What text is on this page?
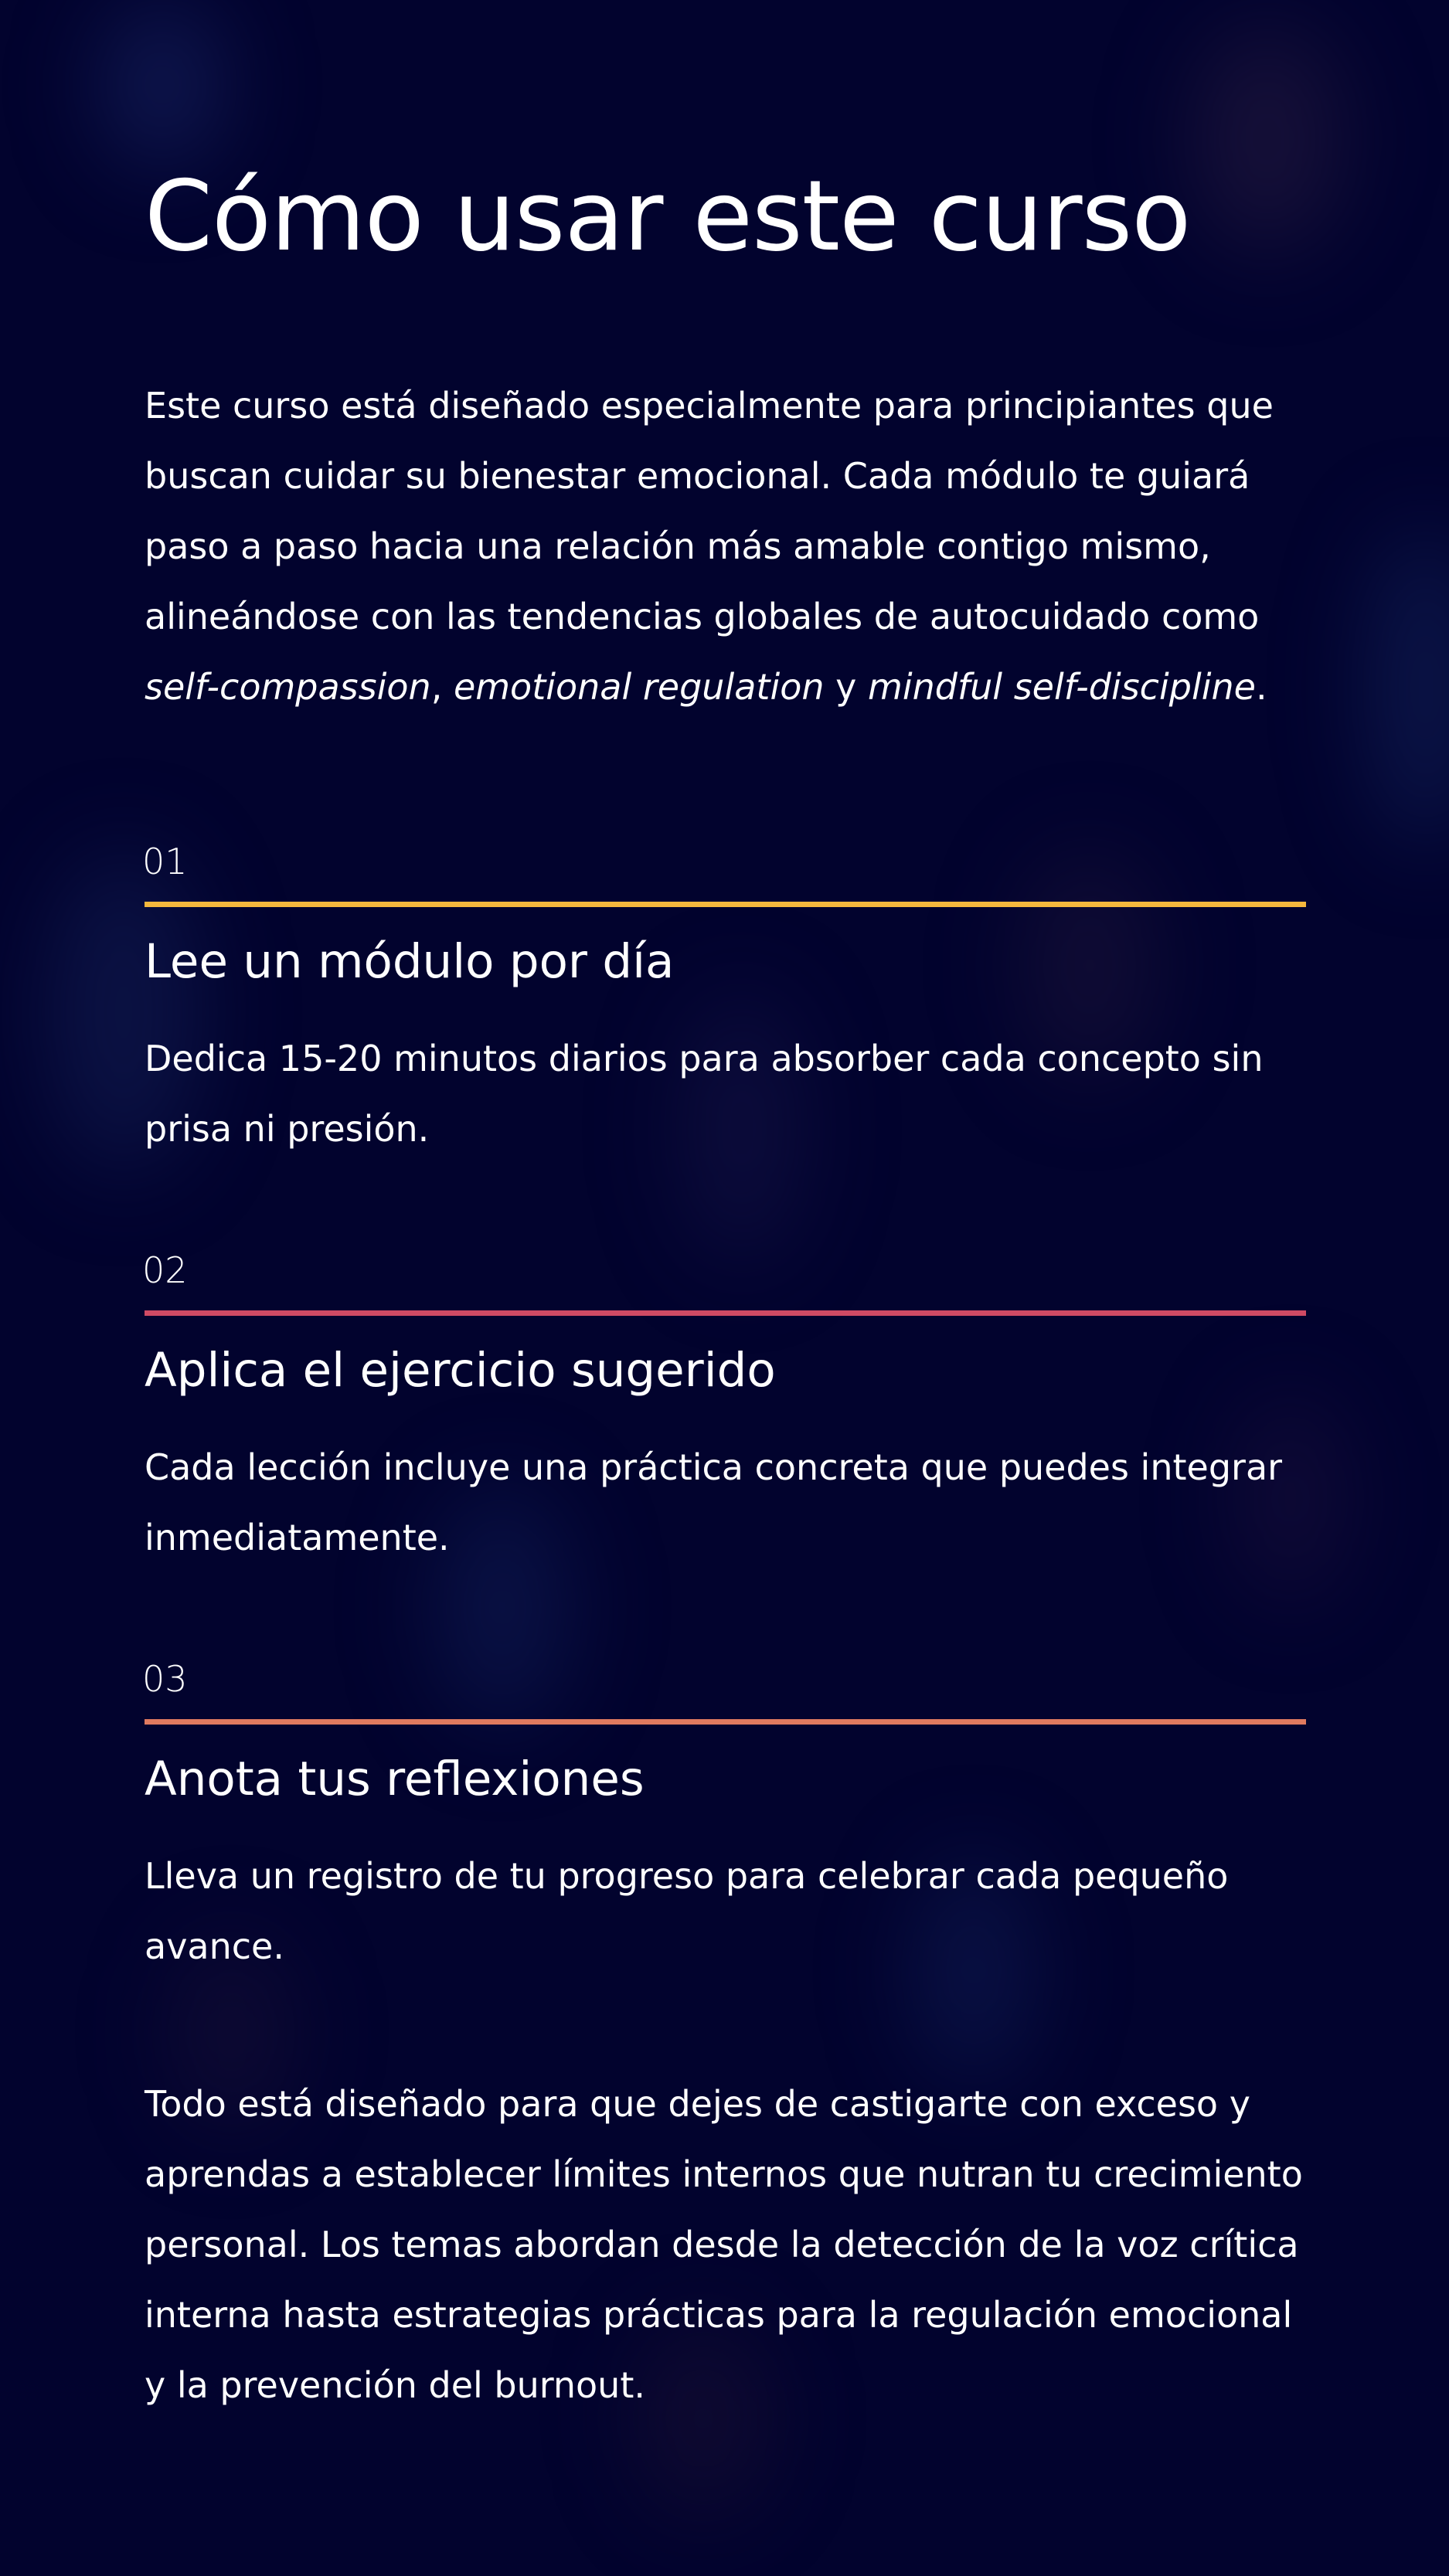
Cómo usar este curso

Este curso está diseñado especialmente para principiantes que buscan cuidar su bienestar emocional. Cada módulo te guiará paso a paso hacia una relación más amable contigo mismo, alineándose con las tendencias globales de autocuidado como self-compassion, emotional regulation y mindful self-discipline.

01
Lee un módulo por día

Dedica 15-20 minutos diarios para absorber cada concepto sin prisa ni presión.

02
Aplica el ejercicio sugerido

Cada lección incluye una práctica concreta que puedes integrar inmediatamente.

03
Anota tus reflexiones

Lleva un registro de tu progreso para celebrar cada pequeño avance.

Todo está diseñado para que dejes de castigarte con exceso y aprendas a establecer límites internos que nutran tu crecimiento personal. Los temas abordan desde la detección de la voz crítica interna hasta estrategias prácticas para la regulación emocional y la prevención del burnout.
